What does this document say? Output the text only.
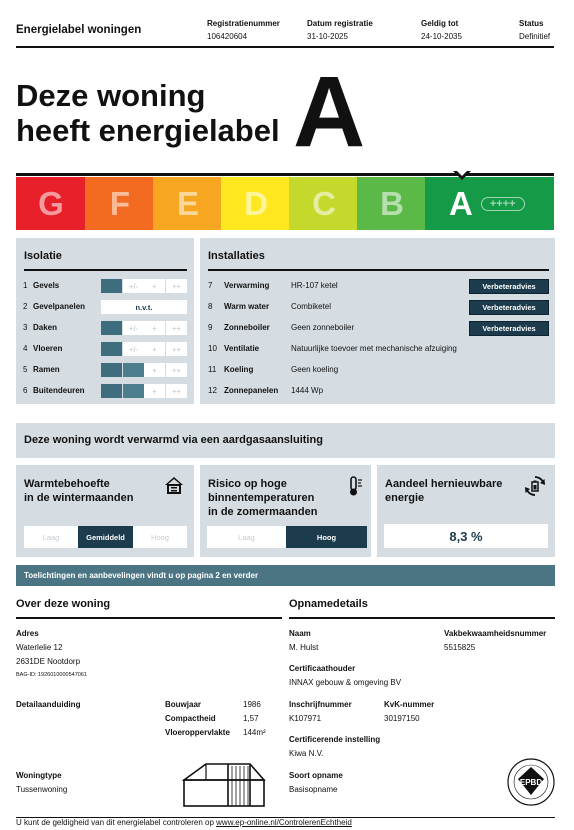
Energielabel woningen
Registratienummer
106420604
Datum registratie
31-10-2025
Geldig tot
24-10-2035
Status
Definitief
Deze woning
heeft energielabel A
G F E D C B A	++++
Isolatie
1 Gevels	+/-	+	++
2 Gevelpanelen	n.v.t.
3 Daken	+/-	+	++
4 Vloeren	+/-	+	++
5 Ramen	+	++
6 Buitendeuren	+	++
Installaties
7 Verwarming	HR-107 ketel	Verbeteradvies
8 Warm water	Combiketel	Verbeteradvies
9 Zonneboiler	Geen zonneboiler	Verbeteradvies
10 Ventilatie	Natuurlijke toevoer met mechanische afzuiging
11 Koeling	Geen koeling
12 Zonnepanelen 1444 Wp
Deze woning wordt verwarmd via een aardgasaansluiting
Warmtebehoefte
in de wintermaanden
Laag	Gemiddeld	Hoog
Risico op hoge
binnentemperaturen
in de zomermaanden
Laag	Hoog
Aandeel hernieuwbare
energie
8,3 %
Toelichtingen en aanbevelingen vindt u op pagina 2 en verder
Over deze woning
Adres
Waterlelie 12
2631DE Nootdorp
BAG-ID: 1926010000547061
Detailaanduiding	Bouwjaar	1986
Compactheid	1,57
Vloeroppervlakte 144m²
Woningtype
Tussenwoning
Opnamedetails
Naam
M. Hulst
Vakbekwaamheidsnummer
5515825
Certificaathouder
INNAX gebouw & omgeving BV
Inschrijfnummer
K107971
KvK-nummer
30197150
Certificerende instelling
Kiwa N.V.
Soort opname
Basisopname
EPBD
U kunt de geldigheid van dit energielabel controleren op www.ep-online.nl/ControlerenEchtheid
